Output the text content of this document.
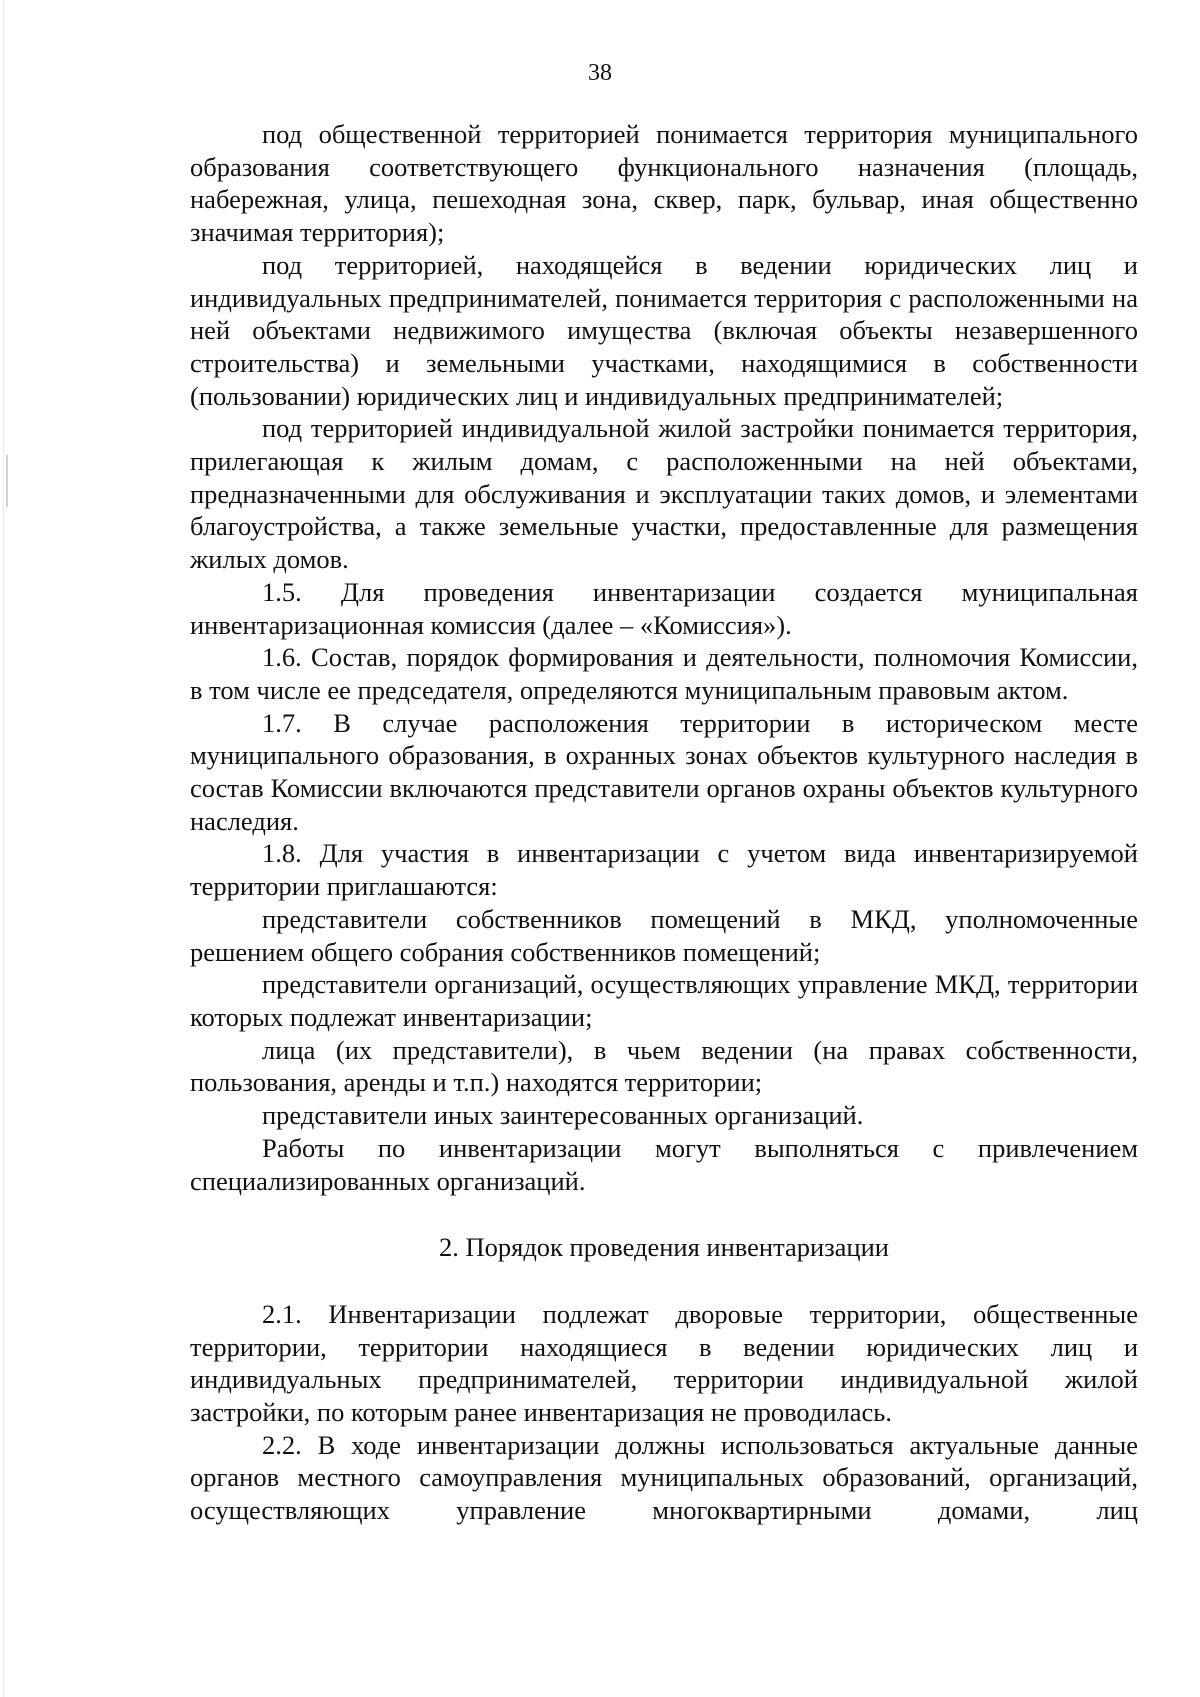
38

под общественной территорией понимается территория муниципального образования соответствующего функционального назначения (площадь, набережная, улица, пешеходная зона, сквер, парк, бульвар, иная общественно значимая территория);

под территорией, находящейся в ведении юридических лиц и индивидуальных предпринимателей, понимается территория с расположенными на ней объектами недвижимого имущества (включая объекты незавершенного строительства) и земельными участками, находящимися в собственности (пользовании) юридических лиц и индивидуальных предпринимателей;

под территорией индивидуальной жилой застройки понимается территория, прилегающая к жилым домам, с расположенными на ней объектами, предназначенными для обслуживания и эксплуатации таких домов, и элементами благоустройства, а также земельные участки, предоставленные для размещения жилых домов.

1.5. Для проведения инвентаризации создается муниципальная инвентаризационная комиссия (далее – «Комиссия»).

1.6. Состав, порядок формирования и деятельности, полномочия Комиссии, в том числе ее председателя, определяются муниципальным правовым актом.

1.7. В случае расположения территории в историческом месте муниципального образования, в охранных зонах объектов культурного наследия в состав Комиссии включаются представители органов охраны объектов культурного наследия.

1.8. Для участия в инвентаризации с учетом вида инвентаризируемой территории приглашаются:

представители собственников помещений в МКД, уполномоченные решением общего собрания собственников помещений;

представители организаций, осуществляющих управление МКД, территории которых подлежат инвентаризации;

лица (их представители), в чьем ведении (на правах собственности, пользования, аренды и т.п.) находятся территории;

представители иных заинтересованных организаций.

Работы по инвентаризации могут выполняться с привлечением специализированных организаций.

2. Порядок проведения инвентаризации

2.1. Инвентаризации подлежат дворовые территории, общественные территории, территории находящиеся в ведении юридических лиц и индивидуальных предпринимателей, территории индивидуальной жилой застройки, по которым ранее инвентаризация не проводилась.

2.2. В ходе инвентаризации должны использоваться актуальные данные органов местного самоуправления муниципальных образований, организаций, осуществляющих управление многоквартирными домами, лиц
